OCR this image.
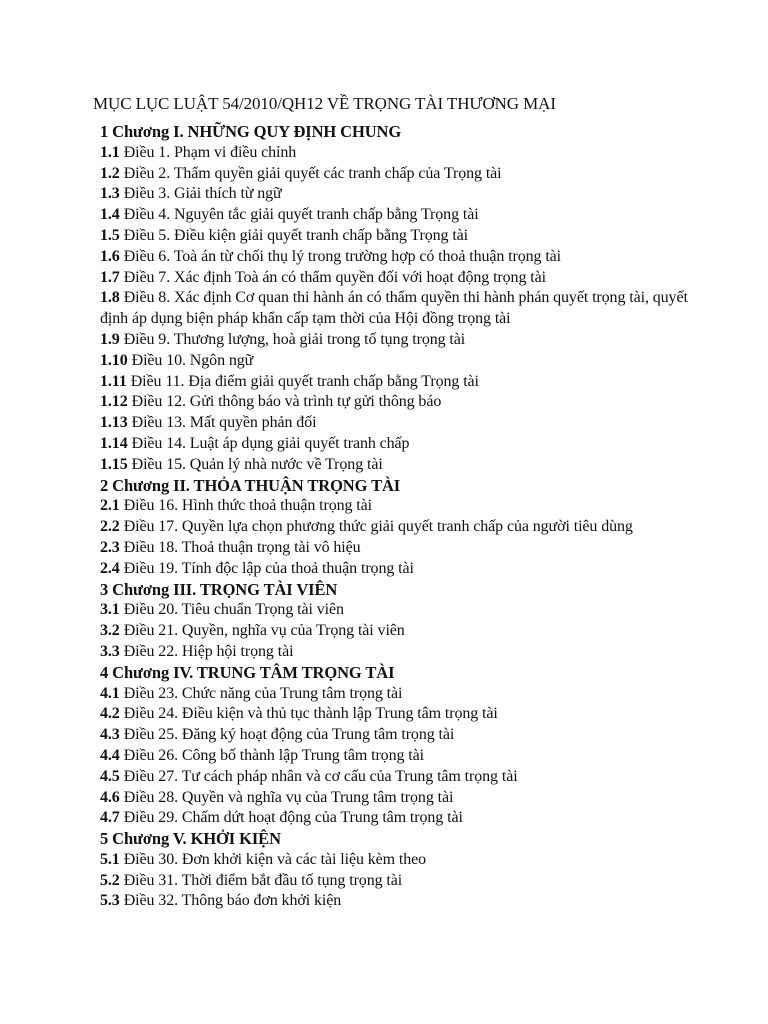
MỤC LỤC LUẬT 54/2010/QH12 VỀ TRỌNG TÀI THƯƠNG MẠI
1 Chương I. NHỮNG QUY ĐỊNH CHUNG
1.1 Điều 1. Phạm vi điều chỉnh
1.2 Điều 2. Thẩm quyền giải quyết các tranh chấp của Trọng tài
1.3 Điều 3. Giải thích từ ngữ
1.4 Điều 4. Nguyên tắc giải quyết tranh chấp bằng Trọng tài
1.5 Điều 5. Điều kiện giải quyết tranh chấp bằng Trọng tài
1.6 Điều 6. Toà án từ chối thụ lý trong trường hợp có thoả thuận trọng tài
1.7 Điều 7. Xác định Toà án có thẩm quyền đối với hoạt động trọng tài
1.8 Điều 8. Xác định Cơ quan thi hành án có thẩm quyền thi hành phán quyết trọng tài, quyết
định áp dụng biện pháp khẩn cấp tạm thời của Hội đồng trọng tài
1.9 Điều 9. Thương lượng, hoà giải trong tố tụng trọng tài
1.10 Điều 10. Ngôn ngữ
1.11 Điều 11. Địa điểm giải quyết tranh chấp bằng Trọng tài
1.12 Điều 12. Gửi thông báo và trình tự gửi thông báo
1.13 Điều 13. Mất quyền phản đối
1.14 Điều 14. Luật áp dụng giải quyết tranh chấp
1.15 Điều 15. Quản lý nhà nước về Trọng tài
2 Chương II. THỎA THUẬN TRỌNG TÀI
2.1 Điều 16. Hình thức thoả thuận trọng tài
2.2 Điều 17. Quyền lựa chọn phương thức giải quyết tranh chấp của người tiêu dùng
2.3 Điều 18. Thoả thuận trọng tài vô hiệu
2.4 Điều 19. Tính độc lập của thoả thuận trọng tài
3 Chương III. TRỌNG TÀI VIÊN
3.1 Điều 20. Tiêu chuẩn Trọng tài viên
3.2 Điều 21. Quyền, nghĩa vụ của Trọng tài viên
3.3 Điều 22. Hiệp hội trọng tài
4 Chương IV. TRUNG TÂM TRỌNG TÀI
4.1 Điều 23. Chức năng của Trung tâm trọng tài
4.2 Điều 24. Điều kiện và thủ tục thành lập Trung tâm trọng tài
4.3 Điều 25. Đăng ký hoạt động của Trung tâm trọng tài
4.4 Điều 26. Công bố thành lập Trung tâm trọng tài
4.5 Điều 27. Tư cách pháp nhân và cơ cấu của Trung tâm trọng tài
4.6 Điều 28. Quyền và nghĩa vụ của Trung tâm trọng tài
4.7 Điều 29. Chấm dứt hoạt động của Trung tâm trọng tài
5 Chương V. KHỞI KIỆN
5.1 Điều 30. Đơn khởi kiện và các tài liệu kèm theo
5.2 Điều 31. Thời điểm bắt đầu tố tụng trọng tài
5.3 Điều 32. Thông báo đơn khởi kiện
